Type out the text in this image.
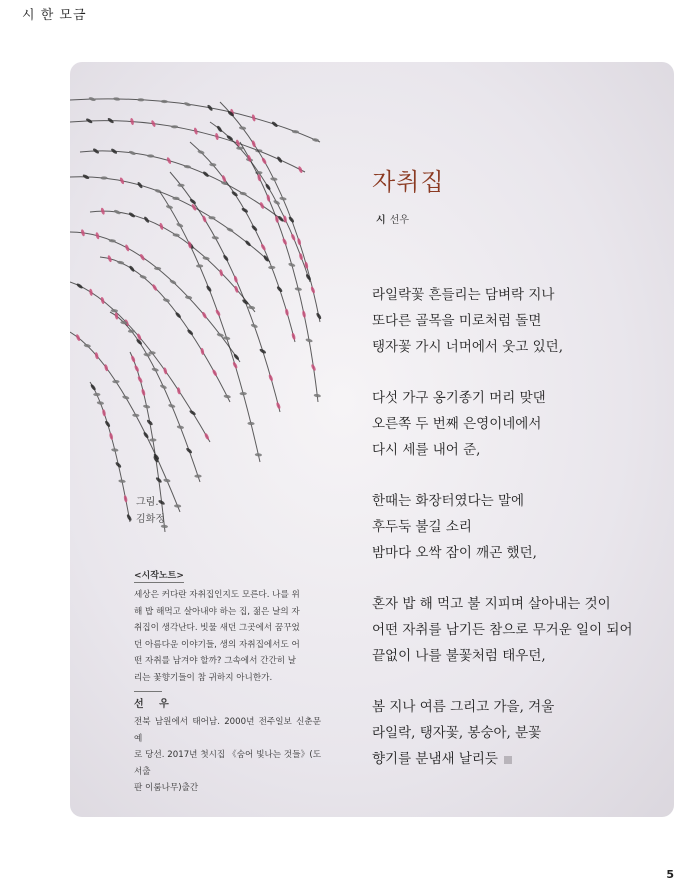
시 한 모금
자취집
시 선우
라일락꽃 흔들리는 담벼락 지나
또다른 골목을 미로처럼 돌면
탱자꽃 가시 너머에서 웃고 있던,
다섯 가구 옹기종기 머리 맞댄
오른쪽 두 번째 은영이네에서
다시 세를 내어 준,
한때는 화장터였다는 말에
후두둑 불길 소리
밤마다 오싹 잠이 깨곤 했던,
혼자 밥 해 먹고 불 지피며 살아내는 것이
어떤 자취를 남기든 참으로 무거운 일이 되어
끝없이 나를 불꽃처럼 태우던,
봄 지나 여름 그리고 가을, 겨울
라일락, 탱자꽃, 봉숭아, 분꽃
향기를 분냄새 날리듯
그림.
김화정
<시작노트>
세상은 커다란 자취집인지도 모른다. 나를 위
해 밥 해먹고 살아내야 하는 집, 젊은 날의 자
취집이 생각난다. 빗물 새던 그곳에서 꿈꾸었
던 아름다운 이야기들, 생의 자취집에서도 어
떤 자취를 남겨야 할까? 그속에서 간간히 날
리는 꽃향기들이 참 귀하지 아니한가.
선 우
전북 남원에서 태어남. 2000년 전주일보 신춘문예
로 당선. 2017년 첫시집 《숨어 빛나는 것들》(도서출
판 이룸나무)출간
5
